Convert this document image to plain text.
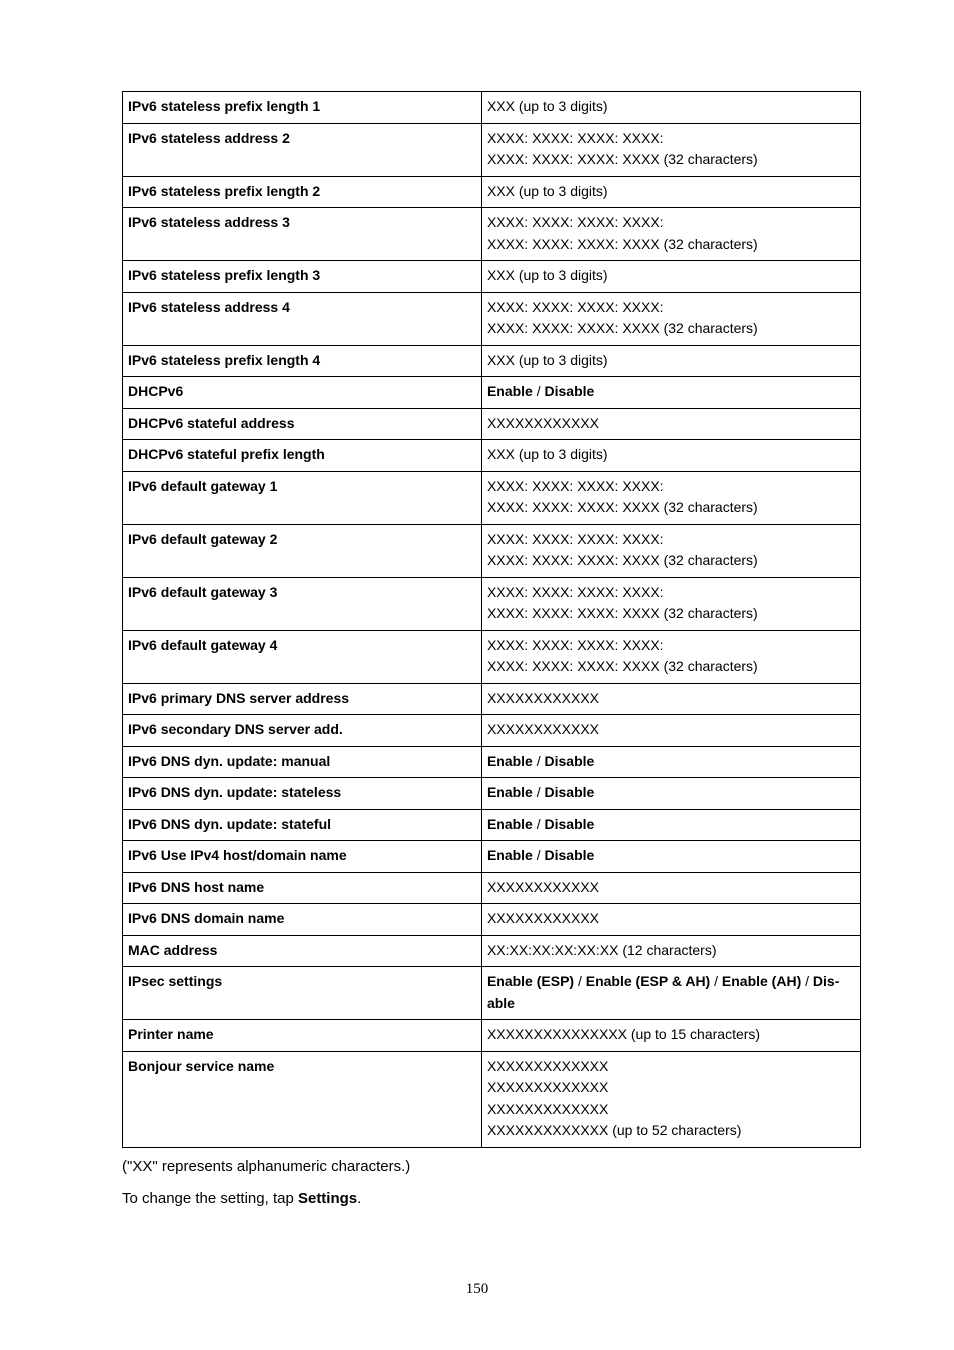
IPv6 stateless prefix length 1	XXX (up to 3 digits)

IPv6 stateless address 2	XXXX: XXXX: XXXX: XXXX:
XXXX: XXXX: XXXX: XXXX (32 characters)

IPv6 stateless prefix length 2	XXX (up to 3 digits)

IPv6 stateless address 3	XXXX: XXXX: XXXX: XXXX:
XXXX: XXXX: XXXX: XXXX (32 characters)

IPv6 stateless prefix length 3	XXX (up to 3 digits)

IPv6 stateless address 4	XXXX: XXXX: XXXX: XXXX:
XXXX: XXXX: XXXX: XXXX (32 characters)

IPv6 stateless prefix length 4	XXX (up to 3 digits)

DHCPv6	Enable / Disable
DHCPv6 stateful address	XXXXXXXXXXXX

DHCPv6 stateful prefix length	XXX (up to 3 digits)

IPv6 default gateway 1	XXXX: XXXX: XXXX: XXXX:
XXXX: XXXX: XXXX: XXXX (32 characters)

IPv6 default gateway 2	XXXX: XXXX: XXXX: XXXX:
XXXX: XXXX: XXXX: XXXX (32 characters)

IPv6 default gateway 3	XXXX: XXXX: XXXX: XXXX:
XXXX: XXXX: XXXX: XXXX (32 characters)

IPv6 default gateway 4	XXXX: XXXX: XXXX: XXXX:
XXXX: XXXX: XXXX: XXXX (32 characters)

IPv6 primary DNS server address	XXXXXXXXXXXX

IPv6 secondary DNS server add.	XXXXXXXXXXXX

IPv6 DNS dyn. update: manual	Enable / Disable
IPv6 DNS dyn. update: stateless	Enable / Disable
IPv6 DNS dyn. update: stateful	Enable / Disable
IPv6 Use IPv4 host/domain name	Enable / Disable
IPv6 DNS host name	XXXXXXXXXXXX

IPv6 DNS domain name	XXXXXXXXXXXX

MAC address	XX:XX:XX:XX:XX:XX (12 characters)

IPsec settings	Enable (ESP) / Enable (ESP & AH) / Enable (AH) / Dis-able
Printer name	XXXXXXXXXXXXXXX (up to 15 characters)

Bonjour service name	XXXXXXXXXXXXX
XXXXXXXXXXXXX
XXXXXXXXXXXXX
XXXXXXXXXXXXX (up to 52 characters)
("XX" represents alphanumeric characters.)
To change the setting, tap Settings.
150
